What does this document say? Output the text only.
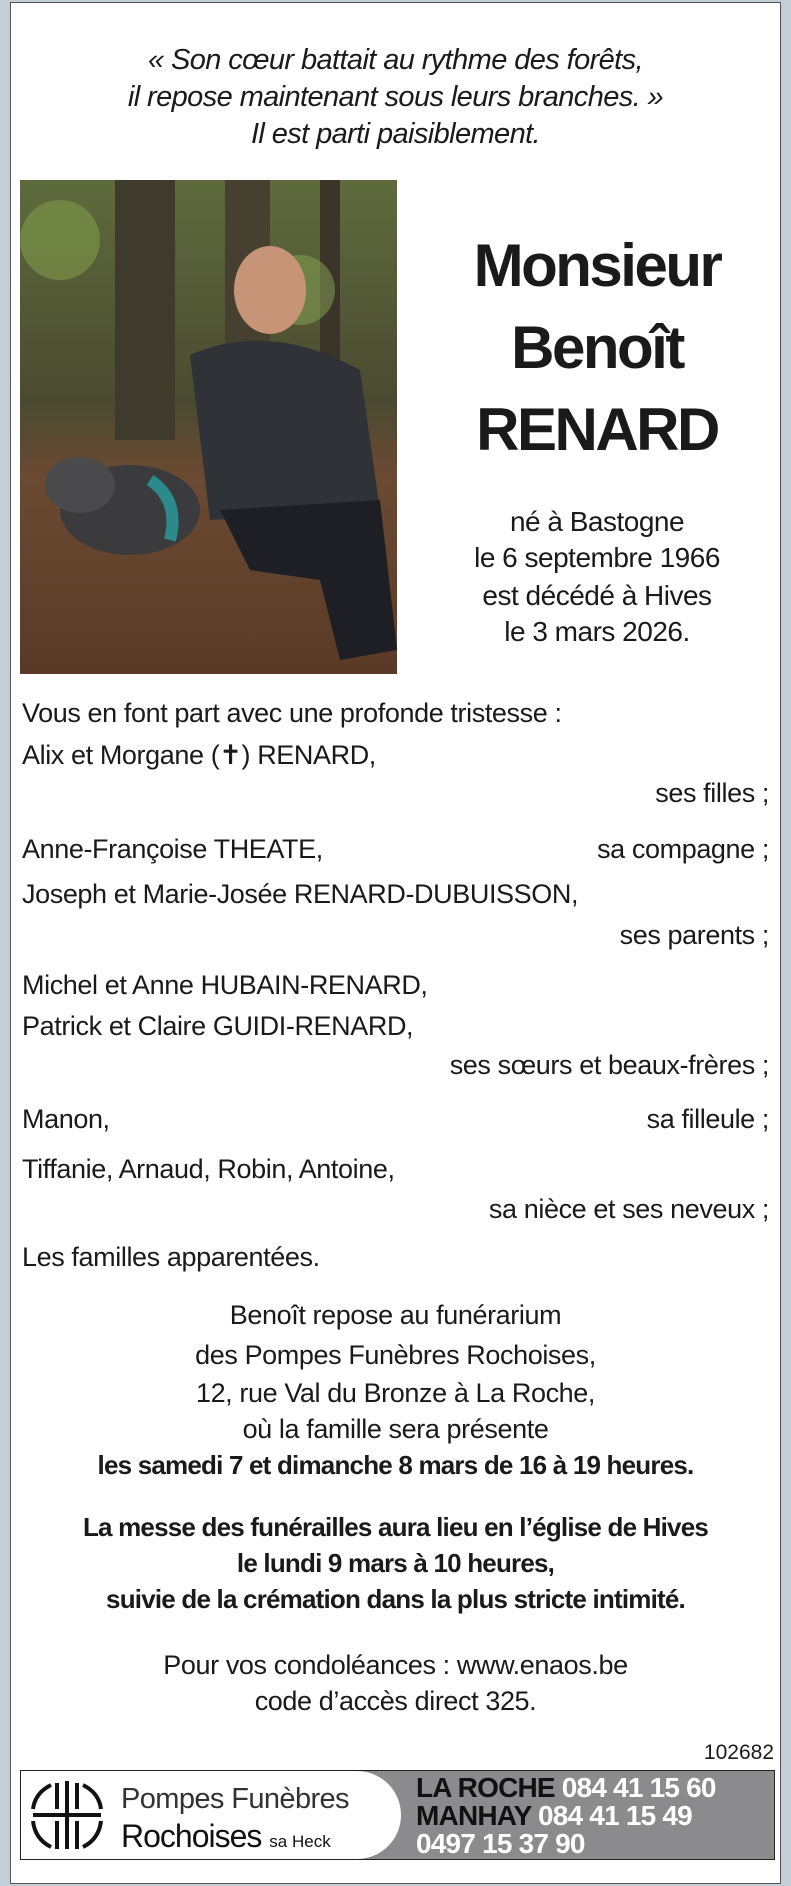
« Son cœur battait au rythme des forêts,
il repose maintenant sous leurs branches. »
Il est parti paisiblement.
Monsieur
Benoît
RENARD
né à Bastogne
le 6 septembre 1966
est décédé à Hives
le 3 mars 2026.
Vous en font part avec une profonde tristesse :
Alix et Morgane (✝) RENARD,
ses filles ;
Anne-Françoise THEATE,	sa compagne ;
Joseph et Marie-Josée RENARD-DUBUISSON,
ses parents ;
Michel et Anne HUBAIN-RENARD,
Patrick et Claire GUIDI-RENARD,
ses sœurs et beaux-frères ;
Manon,	sa filleule ;
Tiffanie, Arnaud, Robin, Antoine,
sa nièce et ses neveux ;
Les familles apparentées.
Benoît repose au funérarium
des Pompes Funèbres Rochoises,
12, rue Val du Bronze à La Roche,
où la famille sera présente
les samedi 7 et dimanche 8 mars de 16 à 19 heures.
La messe des funérailles aura lieu en l’église de Hives
le lundi 9 mars à 10 heures,
suivie de la crémation dans la plus stricte intimité.
Pour vos condoléances : www.enaos.be
code d’accès direct 325.
102682
Pompes Funèbres
Rochoises sa Heck
LA ROCHE 084 41 15 60
MANHAY 084 41 15 49
0497 15 37 90
